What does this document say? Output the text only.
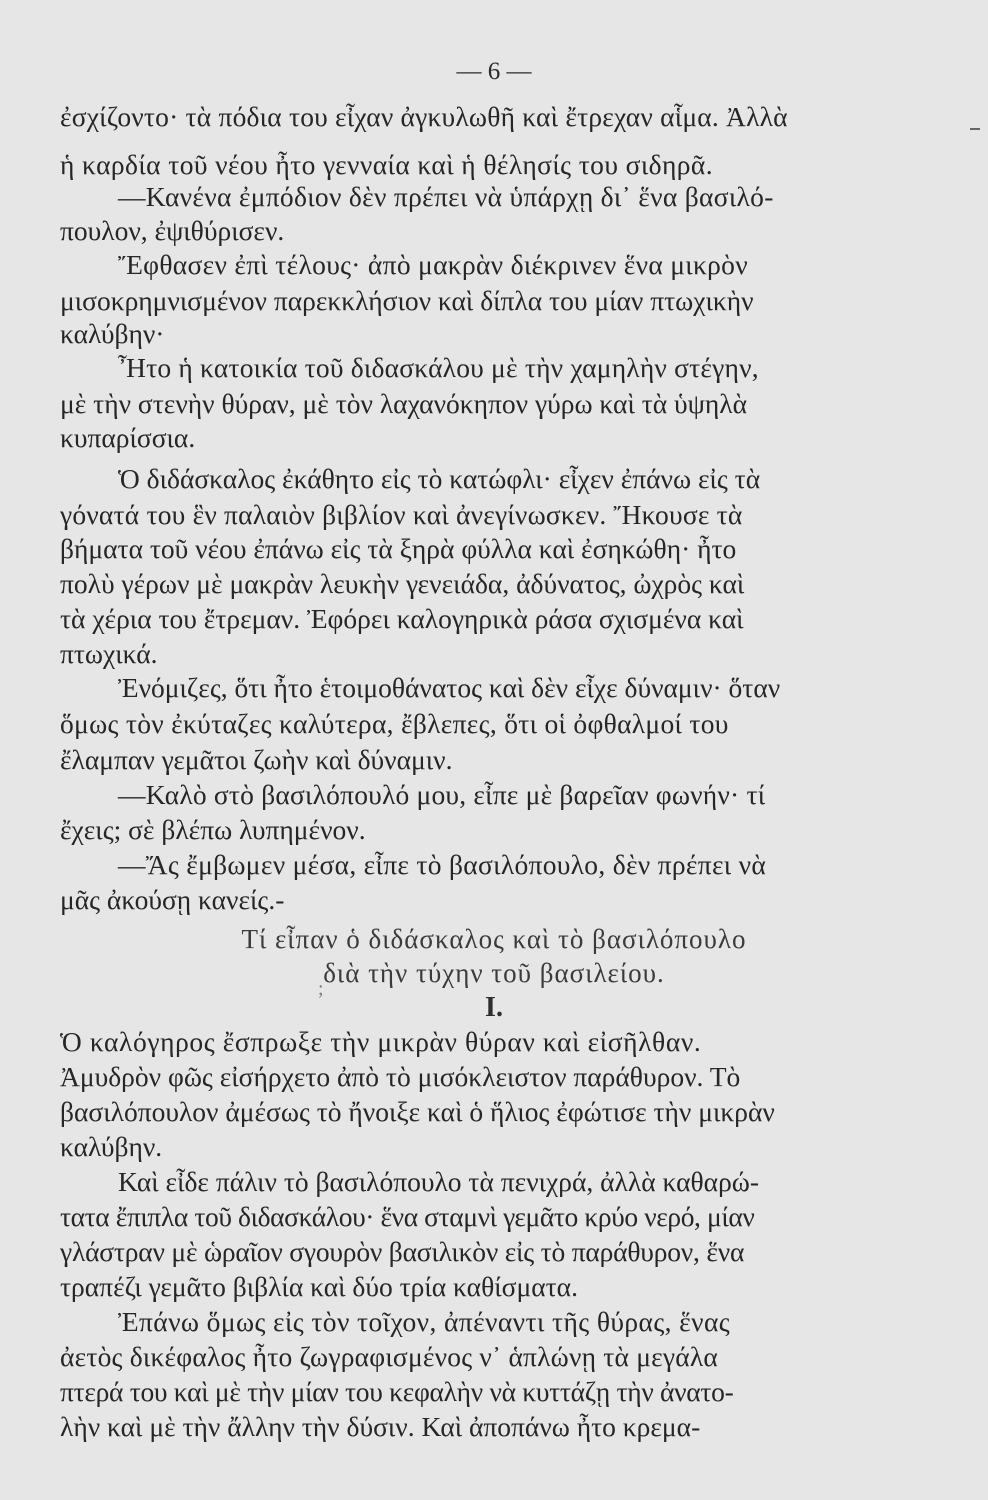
— 6 —
ἐσχίζοντο· τὰ πόδια του εἶχαν ἀγκυλωθῆ καὶ ἔτρεχαν αἷμα. Ἀλλὰ
ἡ καρδία τοῦ νέου ἦτο γενναία καὶ ἡ θέλησίς του σιδηρᾶ.
—Κανένα ἐμπόδιον δὲν πρέπει νὰ ὑπάρχῃ δι᾿ ἕνα βασιλό-
πουλον, ἐψιθύρισεν.
Ἔφθασεν ἐπὶ τέλους· ἀπὸ μακρὰν διέκρινεν ἕνα μικρὸν
μισοκρημνισμένον παρεκκλήσιον καὶ δίπλα του μίαν πτωχικὴν
καλύβην·
Ἦτο ἡ κατοικία τοῦ διδασκάλου μὲ τὴν χαμηλὴν στέγην,
μὲ τὴν στενὴν θύραν, μὲ τὸν λαχανόκηπον γύρω καὶ τὰ ὑψηλὰ
κυπαρίσσια.
Ὁ διδάσκαλος ἐκάθητο εἰς τὸ κατώφλι· εἶχεν ἐπάνω εἰς τὰ
γόνατά του ἓν παλαιὸν βιβλίον καὶ ἀνεγίνωσκεν. Ἤκουσε τὰ
βήματα τοῦ νέου ἐπάνω εἰς τὰ ξηρὰ φύλλα καὶ ἐσηκώθη· ἦτο
πολὺ γέρων μὲ μακρὰν λευκὴν γενειάδα, ἀδύνατος, ὠχρὸς καὶ
τὰ χέρια του ἔτρεμαν. Ἐφόρει καλογηρικὰ ράσα σχισμένα καὶ
πτωχικά.
Ἐνόμιζες, ὅτι ἦτο ἑτοιμοθάνατος καὶ δὲν εἶχε δύναμιν· ὅταν
ὅμως τὸν ἐκύταζες καλύτερα, ἔβλεπες, ὅτι οἱ ὀφθαλμοί του
ἔλαμπαν γεμᾶτοι ζωὴν καὶ δύναμιν.
—Καλὸ στὸ βασιλόπουλό μου, εἶπε μὲ βαρεῖαν φωνήν· τί
ἔχεις; σὲ βλέπω λυπημένον.
—Ἄς ἔμβωμεν μέσα, εἶπε τὸ βασιλόπουλο, δὲν πρέπει νὰ
μᾶς ἀκούσῃ κανείς.-
Τί εἶπαν ὁ διδάσκαλος καὶ τὸ βασιλόπουλο
διὰ τὴν τύχην τοῦ βασιλείου.
;
I.
Ὁ καλόγηρος ἔσπρωξε τὴν μικρὰν θύραν καὶ εἰσῆλθαν.
Ἀμυδρὸν φῶς εἰσήρχετο ἀπὸ τὸ μισόκλειστον παράθυρον. Τὸ
βασιλόπουλον ἀμέσως τὸ ἤνοιξε καὶ ὁ ἥλιος ἐφώτισε τὴν μικρὰν
καλύβην.
Καὶ εἶδε πάλιν τὸ βασιλόπουλο τὰ πενιχρά, ἀλλὰ καθαρώ-
τατα ἔπιπλα τοῦ διδασκάλου· ἕνα σταμνὶ γεμᾶτο κρύο νερό, μίαν
γλάστραν μὲ ὡραῖον σγουρὸν βασιλικὸν εἰς τὸ παράθυρον, ἕνα
τραπέζι γεμᾶτο βιβλία καὶ δύο τρία καθίσματα.
Ἐπάνω ὅμως εἰς τὸν τοῖχον, ἀπέναντι τῆς θύρας, ἕνας
ἀετὸς δικέφαλος ἦτο ζωγραφισμένος ν᾿ ἁπλώνῃ τὰ μεγάλα
πτερά του καὶ μὲ τὴν μίαν του κεφαλὴν νὰ κυττάζῃ τὴν ἀνατο-
λὴν καὶ μὲ τὴν ἄλλην τὴν δύσιν. Καὶ ἀποπάνω ἦτο κρεμα-
